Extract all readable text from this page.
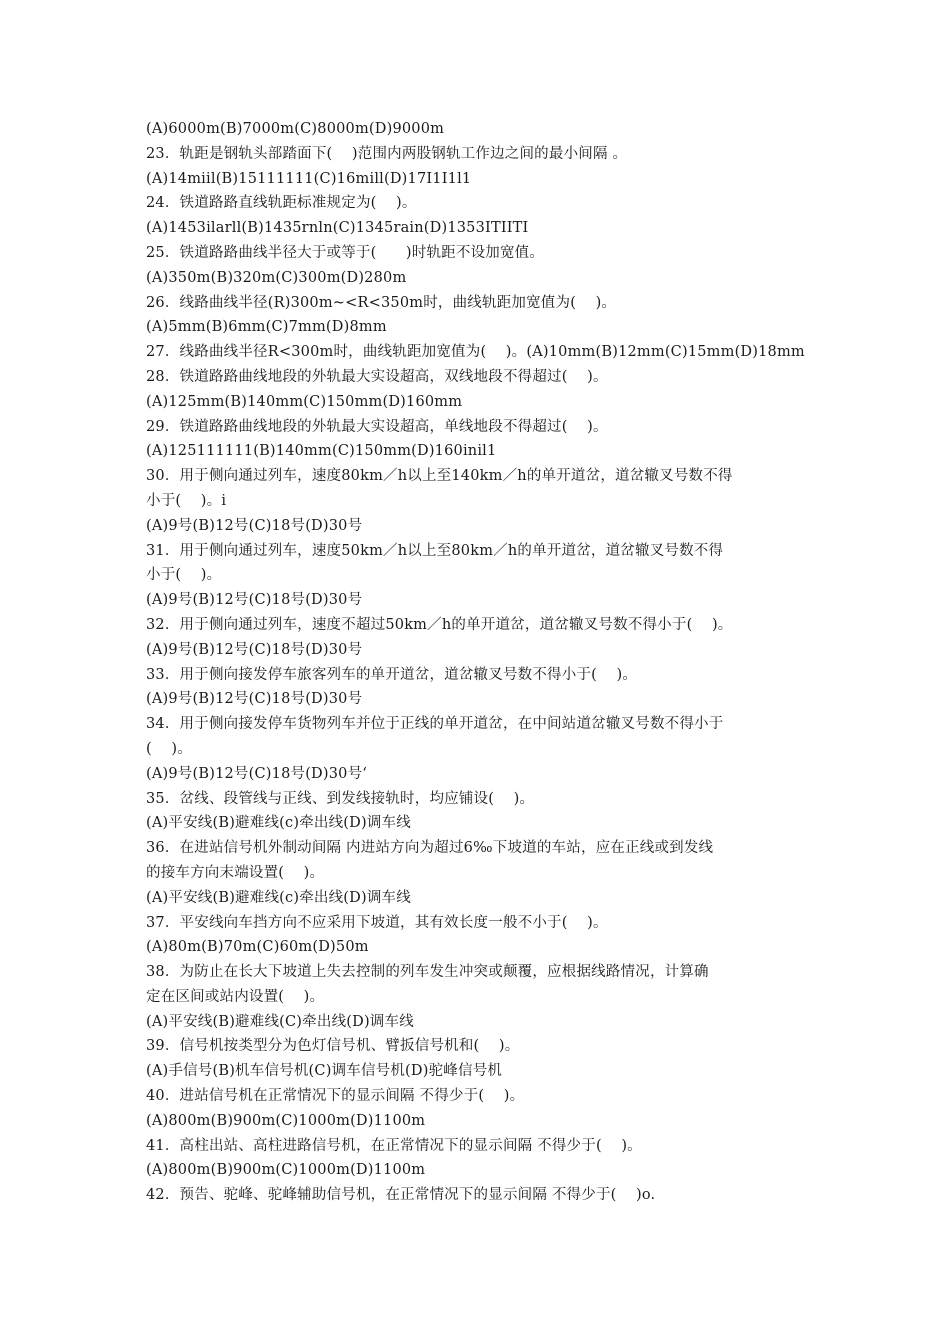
(A)6000m(B)7000m(C)8000m(D)9000m
23．轨距是钢轨头部踏面下(　 )范围内两股钢轨工作边之间的最小间隔 。
(A)14miil(B)15111111(C)16mill(D)17I1I1l1
24．铁道路路直线轨距标准规定为(　 )。
(A)1453ilarll(B)1435rnln(C)1345rain(D)1353ITIITI
25．铁道路路曲线半径大于或等于(　　)时轨距不设加宽值。
(A)350m(B)320m(C)300m(D)280m
26．线路曲线半径(R)300m~<R<350m时，曲线轨距加宽值为(　 )。
(A)5mm(B)6mm(C)7mm(D)8mm
27．线路曲线半径R<300m时，曲线轨距加宽值为(　 )。(A)10mm(B)12mm(C)15mm(D)18mm
28．铁道路路曲线地段的外轨最大实设超高，双线地段不得超过(　 )。
(A)125mm(B)140mm(C)150mm(D)160mm
29．铁道路路曲线地段的外轨最大实设超高，单线地段不得超过(　 )。
(A)125111111(B)140mm(C)150mm(D)160inil1
30．用于侧向通过列车，速度80km／h以上至140km／h的单开道岔，道岔辙叉号数不得
小于(　 )。i
(A)9号(B)12号(C)18号(D)30号
31．用于侧向通过列车，速度50km／h以上至80km／h的单开道岔，道岔辙叉号数不得
小于(　 )。
(A)9号(B)12号(C)18号(D)30号
32．用于侧向通过列车，速度不超过50km／h的单开道岔，道岔辙叉号数不得小于(　 )。
(A)9号(B)12号(C)18号(D)30号
33．用于侧向接发停车旅客列车的单开道岔，道岔辙叉号数不得小于(　 )。
(A)9号(B)12号(C)18号(D)30号
34．用于侧向接发停车货物列车并位于正线的单开道岔，在中间站道岔辙叉号数不得小于
(　 )。
(A)9号(B)12号(C)18号(D)30号‘
35．岔线、段管线与正线、到发线接轨时，均应铺设(　 )。
(A)平安线(B)避难线(c)牵出线(D)调车线
36．在进站信号机外制动间隔 内进站方向为超过6‰下坡道的车站，应在正线或到发线
的接车方向末端设置(　 )。
(A)平安线(B)避难线(c)牵出线(D)调车线
37．平安线向车挡方向不应采用下坡道，其有效长度一般不小于(　 )。
(A)80m(B)70m(C)60m(D)50m
38．为防止在长大下坡道上失去控制的列车发生冲突或颠覆，应根据线路情况，计算确
定在区间或站内设置(　 )。
(A)平安线(B)避难线(C)牵出线(D)调车线
39．信号机按类型分为色灯信号机、臂扳信号机和(　 )。
(A)手信号(B)机车信号机(C)调车信号机(D)驼峰信号机
40．进站信号机在正常情况下的显示间隔 不得少于(　 )。
(A)800m(B)900m(C)1000m(D)1100m
41．高柱出站、高柱进路信号机，在正常情况下的显示间隔 不得少于(　 )。
(A)800m(B)900m(C)1000m(D)1100m
42．预告、驼峰、驼峰辅助信号机，在正常情况下的显示间隔 不得少于(　 )o.
